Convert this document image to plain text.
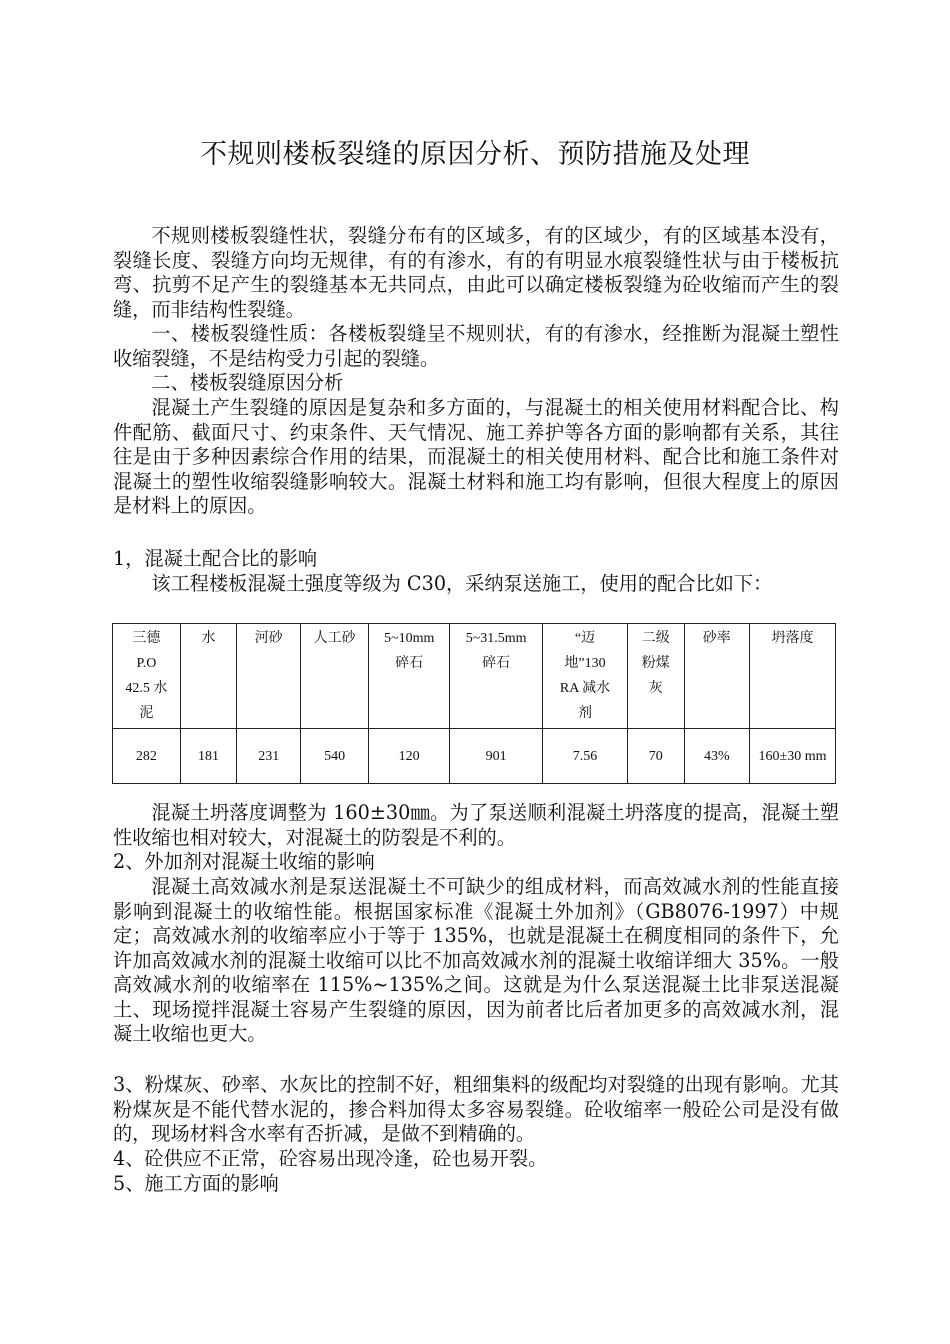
不规则楼板裂缝的原因分析、预防措施及处理
不规则楼板裂缝性状，裂缝分布有的区域多，有的区域少，有的区域基本没有，裂缝长度、裂缝方向均无规律，有的有渗水，有的有明显水痕裂缝性状与由于楼板抗弯、抗剪不足产生的裂缝基本无共同点，由此可以确定楼板裂缝为砼收缩而产生的裂缝，而非结构性裂缝。
一、楼板裂缝性质：各楼板裂缝呈不规则状，有的有渗水，经推断为混凝土塑性收缩裂缝，不是结构受力引起的裂缝。
二、楼板裂缝原因分析
混凝土产生裂缝的原因是复杂和多方面的，与混凝土的相关使用材料配合比、构件配筋、截面尺寸、约束条件、天气情况、施工养护等各方面的影响都有关系，其往往是由于多种因素综合作用的结果，而混凝土的相关使用材料、配合比和施工条件对混凝土的塑性收缩裂缝影响较大。混凝土材料和施工均有影响，但很大程度上的原因是材料上的原因。
1，混凝土配合比的影响
该工程楼板混凝土强度等级为 C30，采纳泵送施工，使用的配合比如下：
三德
P.O
42.5 水
泥	水	河砂	人工砂	5~10mm
碎石	5~31.5mm
碎石	“迈
地”130
RA 减水
剂	二级
粉煤
灰	砂率	坍落度
282	181	231	540	120	901	7.56	70	43%	160±30 mm
混凝土坍落度调整为 160±30㎜。为了泵送顺利混凝土坍落度的提高，混凝土塑性收缩也相对较大，对混凝土的防裂是不利的。
2、外加剂对混凝土收缩的影响
混凝土高效减水剂是泵送混凝土不可缺少的组成材料，而高效减水剂的性能直接影响到混凝土的收缩性能。根据国家标准《混凝土外加剂》（GB8076-1997）中规定；高效减水剂的收缩率应小于等于 135%，也就是混凝土在稠度相同的条件下，允许加高效减水剂的混凝土收缩可以比不加高效减水剂的混凝土收缩详细大 35%。一般高效减水剂的收缩率在 115%~135%之间。这就是为什么泵送混凝土比非泵送混凝土、现场搅拌混凝土容易产生裂缝的原因，因为前者比后者加更多的高效减水剂，混凝土收缩也更大。
3、粉煤灰、砂率、水灰比的控制不好，粗细集料的级配均对裂缝的出现有影响。尤其粉煤灰是不能代替水泥的，掺合料加得太多容易裂缝。砼收缩率一般砼公司是没有做的，现场材料含水率有否折减，是做不到精确的。
4、砼供应不正常，砼容易出现冷逢，砼也易开裂。
5、施工方面的影响
